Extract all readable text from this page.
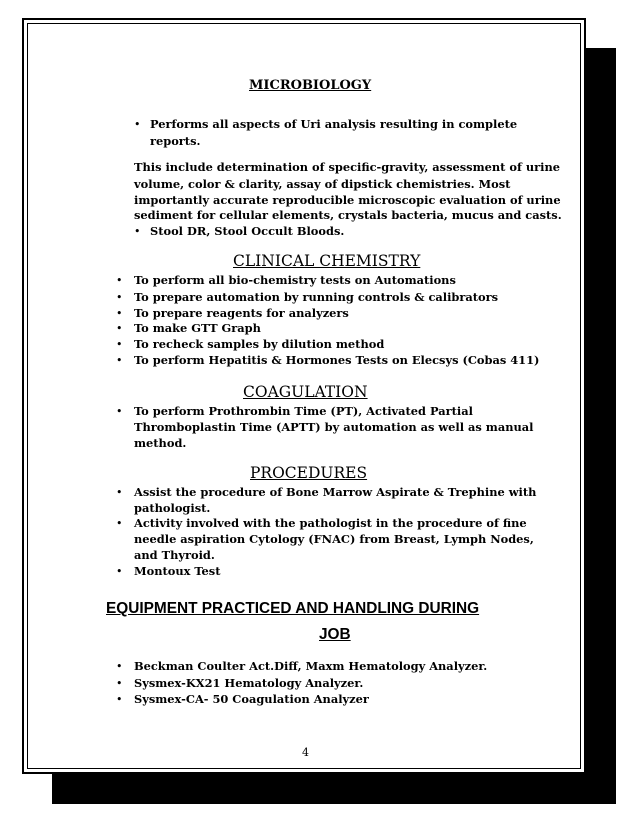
MICROBIOLOGY
• Performs all aspects of Uri analysis resulting in complete
reports.
This include determination of specific-gravity, assessment of urine
volume, color & clarity, assay of dipstick chemistries. Most
importantly accurate reproducible microscopic evaluation of urine
sediment for cellular elements, crystals bacteria, mucus and casts.
• Stool DR, Stool Occult Bloods.
CLINICAL CHEMISTRY
• To perform all bio-chemistry tests on Automations
• To prepare automation by running controls & calibrators
• To prepare reagents for analyzers
• To make GTT Graph
• To recheck samples by dilution method
• To perform Hepatitis & Hormones Tests on Elecsys (Cobas 411)
COAGULATION
• To perform Prothrombin Time (PT), Activated Partial
Thromboplastin Time (APTT) by automation as well as manual
method.
PROCEDURES
• Assist the procedure of Bone Marrow Aspirate & Trephine with
pathologist.
• Activity involved with the pathologist in the procedure of fine
needle aspiration Cytology (FNAC) from Breast, Lymph Nodes,
and Thyroid.
• Montoux Test
EQUIPMENT PRACTICED AND HANDLING DURING
JOB
• Beckman Coulter Act.Diff, Maxm Hematology Analyzer.
• Sysmex-KX21 Hematology Analyzer.
• Sysmex-CA- 50 Coagulation Analyzer
4
